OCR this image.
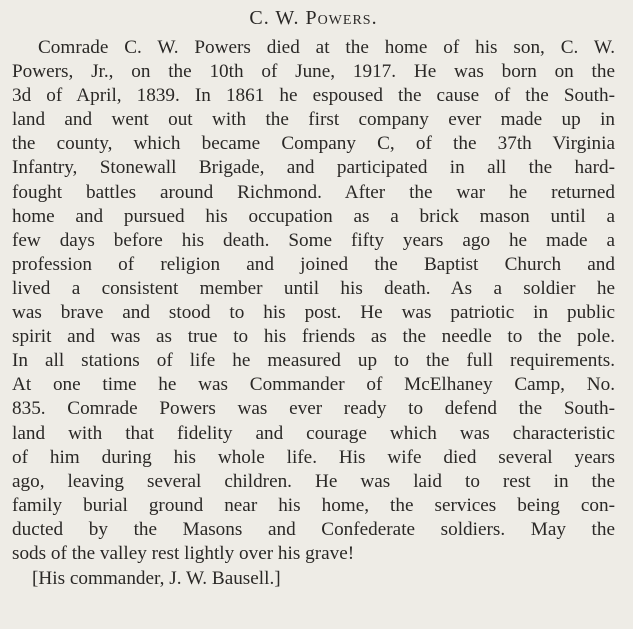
C. W. Powers.
Comrade C. W. Powers died at the home of his son, C. W.
Powers, Jr., on the 10th of June, 1917. He was born on the
3d of April, 1839. In 1861 he espoused the cause of the South-
land and went out with the first company ever made up in
the county, which became Company C, of the 37th Virginia
Infantry, Stonewall Brigade, and participated in all the hard-
fought battles around Richmond. After the war he returned
home and pursued his occupation as a brick mason until a
few days before his death. Some fifty years ago he made a
profession of religion and joined the Baptist Church and
lived a consistent member until his death. As a soldier he
was brave and stood to his post. He was patriotic in public
spirit and was as true to his friends as the needle to the pole.
In all stations of life he measured up to the full requirements.
At one time he was Commander of McElhaney Camp, No.
835. Comrade Powers was ever ready to defend the South-
land with that fidelity and courage which was characteristic
of him during his whole life. His wife died several years
ago, leaving several children. He was laid to rest in the
family burial ground near his home, the services being con-
ducted by the Masons and Confederate soldiers. May the
sods of the valley rest lightly over his grave!
[His commander, J. W. Bausell.]
